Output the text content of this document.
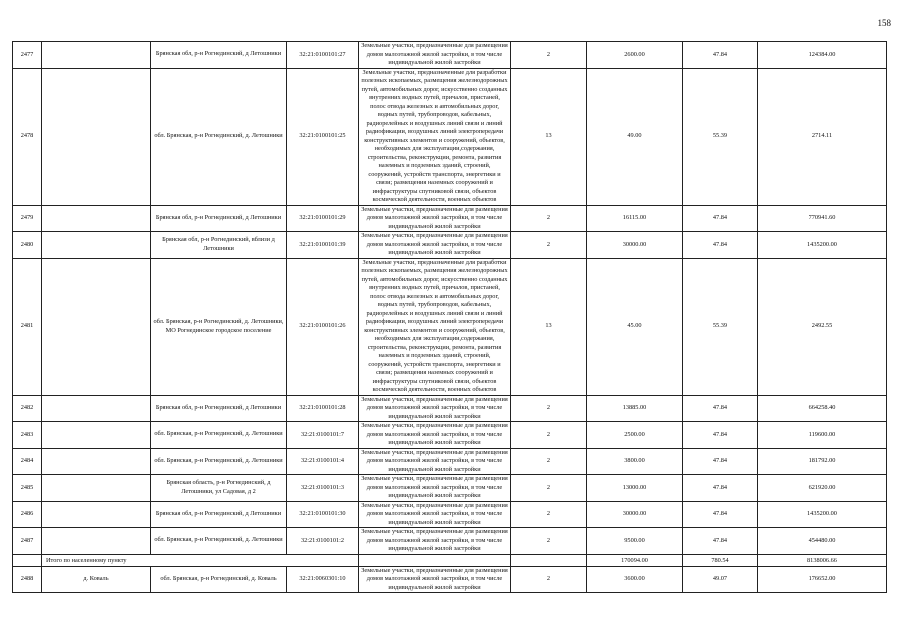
158
2477		Брянская обл, р-н Рогнединский, д Летошники	32:21:0100101:27	Земельные участки, предназначенные для размещения домов малоэтажной жилой застройки, в том числе индивидуальной жилой застройки	2	2600.00	47.84	124384.00
2478		обл. Брянская, р-н Рогнединский, д. Летошники	32:21:0100101:25	Земельные участки, предназначенные для разработки полезных ископаемых, размещения железнодорожных путей, автомобильных дорог, искусственно созданных внутренних водных путей, причалов, пристаней, полос отвода железных и автомобильных дорог, водных путей, трубопроводов, кабельных, радиорелейных и воздушных линий связи и линий радиофикации, воздушных линий электропередачи конструктивных элементов и сооружений, объектов, необходимых для эксплуатации,содержания, строительства, реконструкции, ремонта, развития наземных и подземных зданий, строений, сооружений, устройств транспорта, энергетики и связи; размещения наземных сооружений и инфраструктуры спутниковой связи, объектов космической деятельности, военных объектов	13	49.00	55.39	2714.11
2479		Брянская обл, р-н Рогнединский, д Летошники	32:21:0100101:29	Земельные участки, предназначенные для размещения домов малоэтажной жилой застройки, в том числе индивидуальной жилой застройки	2	16115.00	47.84	770941.60
2480		Брянская обл, р-н Рогнединский, вблизи д Летошники	32:21:0100101:39	Земельные участки, предназначенные для размещения домов малоэтажной жилой застройки, в том числе индивидуальной жилой застройки	2	30000.00	47.84	1435200.00
2481		обл. Брянская, р-н Рогнединский, д. Летошники, МО Рогнединское городское поселение	32:21:0100101:26	Земельные участки, предназначенные для разработки полезных ископаемых, размещения железнодорожных путей, автомобильных дорог, искусственно созданных внутренних водных путей, причалов, пристаней, полос отвода железных и автомобильных дорог, водных путей, трубопроводов, кабельных, радиорелейных и воздушных линий связи и линий радиофикации, воздушных линий электропередачи конструктивных элементов и сооружений, объектов, необходимых для эксплуатации,содержания, строительства, реконструкции, ремонта, развития наземных и подземных зданий, строений, сооружений, устройств транспорта, энергетики и связи; размещения наземных сооружений и инфраструктуры спутниковой связи, объектов космической деятельности, военных объектов	13	45.00	55.39	2492.55
2482		Брянская обл, р-н Рогнединский, д Летошники	32:21:0100101:28	Земельные участки, предназначенные для размещения домов малоэтажной жилой застройки, в том числе индивидуальной жилой застройки	2	13885.00	47.84	664258.40
2483		обл. Брянская, р-н Рогнединский, д. Летошники	32:21:0100101:7	Земельные участки, предназначенные для размещения домов малоэтажной жилой застройки, в том числе индивидуальной жилой застройки	2	2500.00	47.84	119600.00
2484		обл. Брянская, р-н Рогнединский, д. Летошники	32:21:0100101:4	Земельные участки, предназначенные для размещения домов малоэтажной жилой застройки, в том числе индивидуальной жилой застройки	2	3800.00	47.84	181792.00
2485		Брянская область, р-н Рогнединский, д Летошники, ул Садовая, д 2	32:21:0100101:3	Земельные участки, предназначенные для размещения домов малоэтажной жилой застройки, в том числе индивидуальной жилой застройки	2	13000.00	47.84	621920.00
2486		Брянская обл, р-н Рогнединский, д Летошники	32:21:0100101:30	Земельные участки, предназначенные для размещения домов малоэтажной жилой застройки, в том числе индивидуальной жилой застройки	2	30000.00	47.84	1435200.00
2487		обл. Брянская, р-н Рогнединский, д. Летошники	32:21:0100101:2	Земельные участки, предназначенные для размещения домов малоэтажной жилой застройки, в том числе индивидуальной жилой застройки	2	9500.00	47.84	454480.00
	Итого по населенному пункту					170094.00	780.54	8138006.66
2488	д. Коваль	обл. Брянская, р-н Рогнединский, д. Коваль	32:21:0060301:10	Земельные участки, предназначенные для размещения домов малоэтажной жилой застройки, в том числе индивидуальной жилой застройки	2	3600.00	49.07	176652.00
